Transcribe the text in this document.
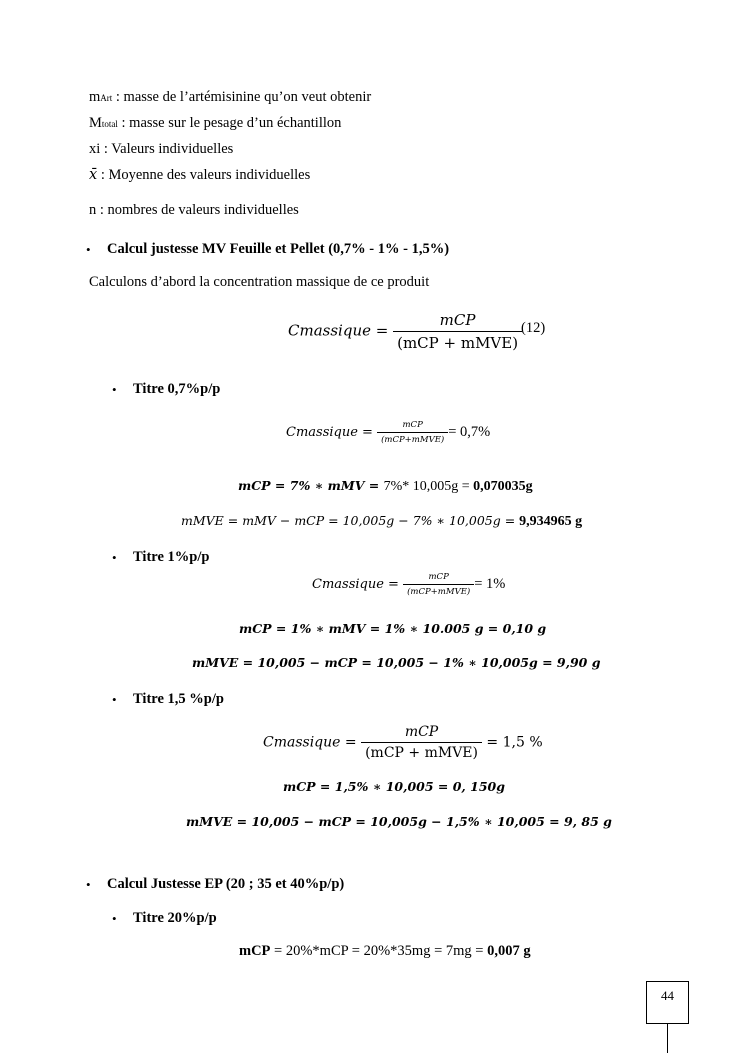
mArt : masse de l’artémisinine qu’on veut obtenir
Mtotal : masse sur le pesage d’un échantillon
xi : Valeurs individuelles
x̄ : Moyenne des valeurs individuelles
n : nombres de valeurs individuelles
• Calcul justesse MV Feuille et Pellet (0,7% - 1% - 1,5%)
Calculons d’abord la concentration massique de ce produit
Cmassique = $\frac{\text{mCP}}{\text{(mCP + mMVE)}}$
(12)
• Titre 0,7%p/p
Cmassique = $\frac{\text{mCP}}{\text{(mCP+mMVE)}} = 0,7\%$
mCP = 7% ∗ mMV = 7%* 10,005g = 0,070035g
mMVE = mMV − mCP = 10,005g − 7% ∗ 10,005g = 9,934965 g
• Titre 1%p/p
Cmassique = $\frac{\text{mCP}}{\text{(mCP+mMVE)}} = 1\%$
mCP = 1% ∗ mMV = 1% ∗ 10.005 g = 0,10 g
mMVE = 10,005 − mCP = 10,005 − 1% ∗ 10,005g = 9,90 g
• Titre 1,5 %p/p
Cmassique = $\frac{\text{mCP}}{\text{(mCP + mMVE)}} = 1,5$ %
mCP = 1,5% ∗ 10,005 = 0, 150g
mMVE = 10,005 − mCP = 10,005g − 1,5% ∗ 10,005 = 9, 85 g
• Calcul Justesse EP (20 ; 35 et 40%p/p)
• Titre 20%p/p
mCP = 20%*mCP = 20%*35mg = 7mg = 0,007 g
44
